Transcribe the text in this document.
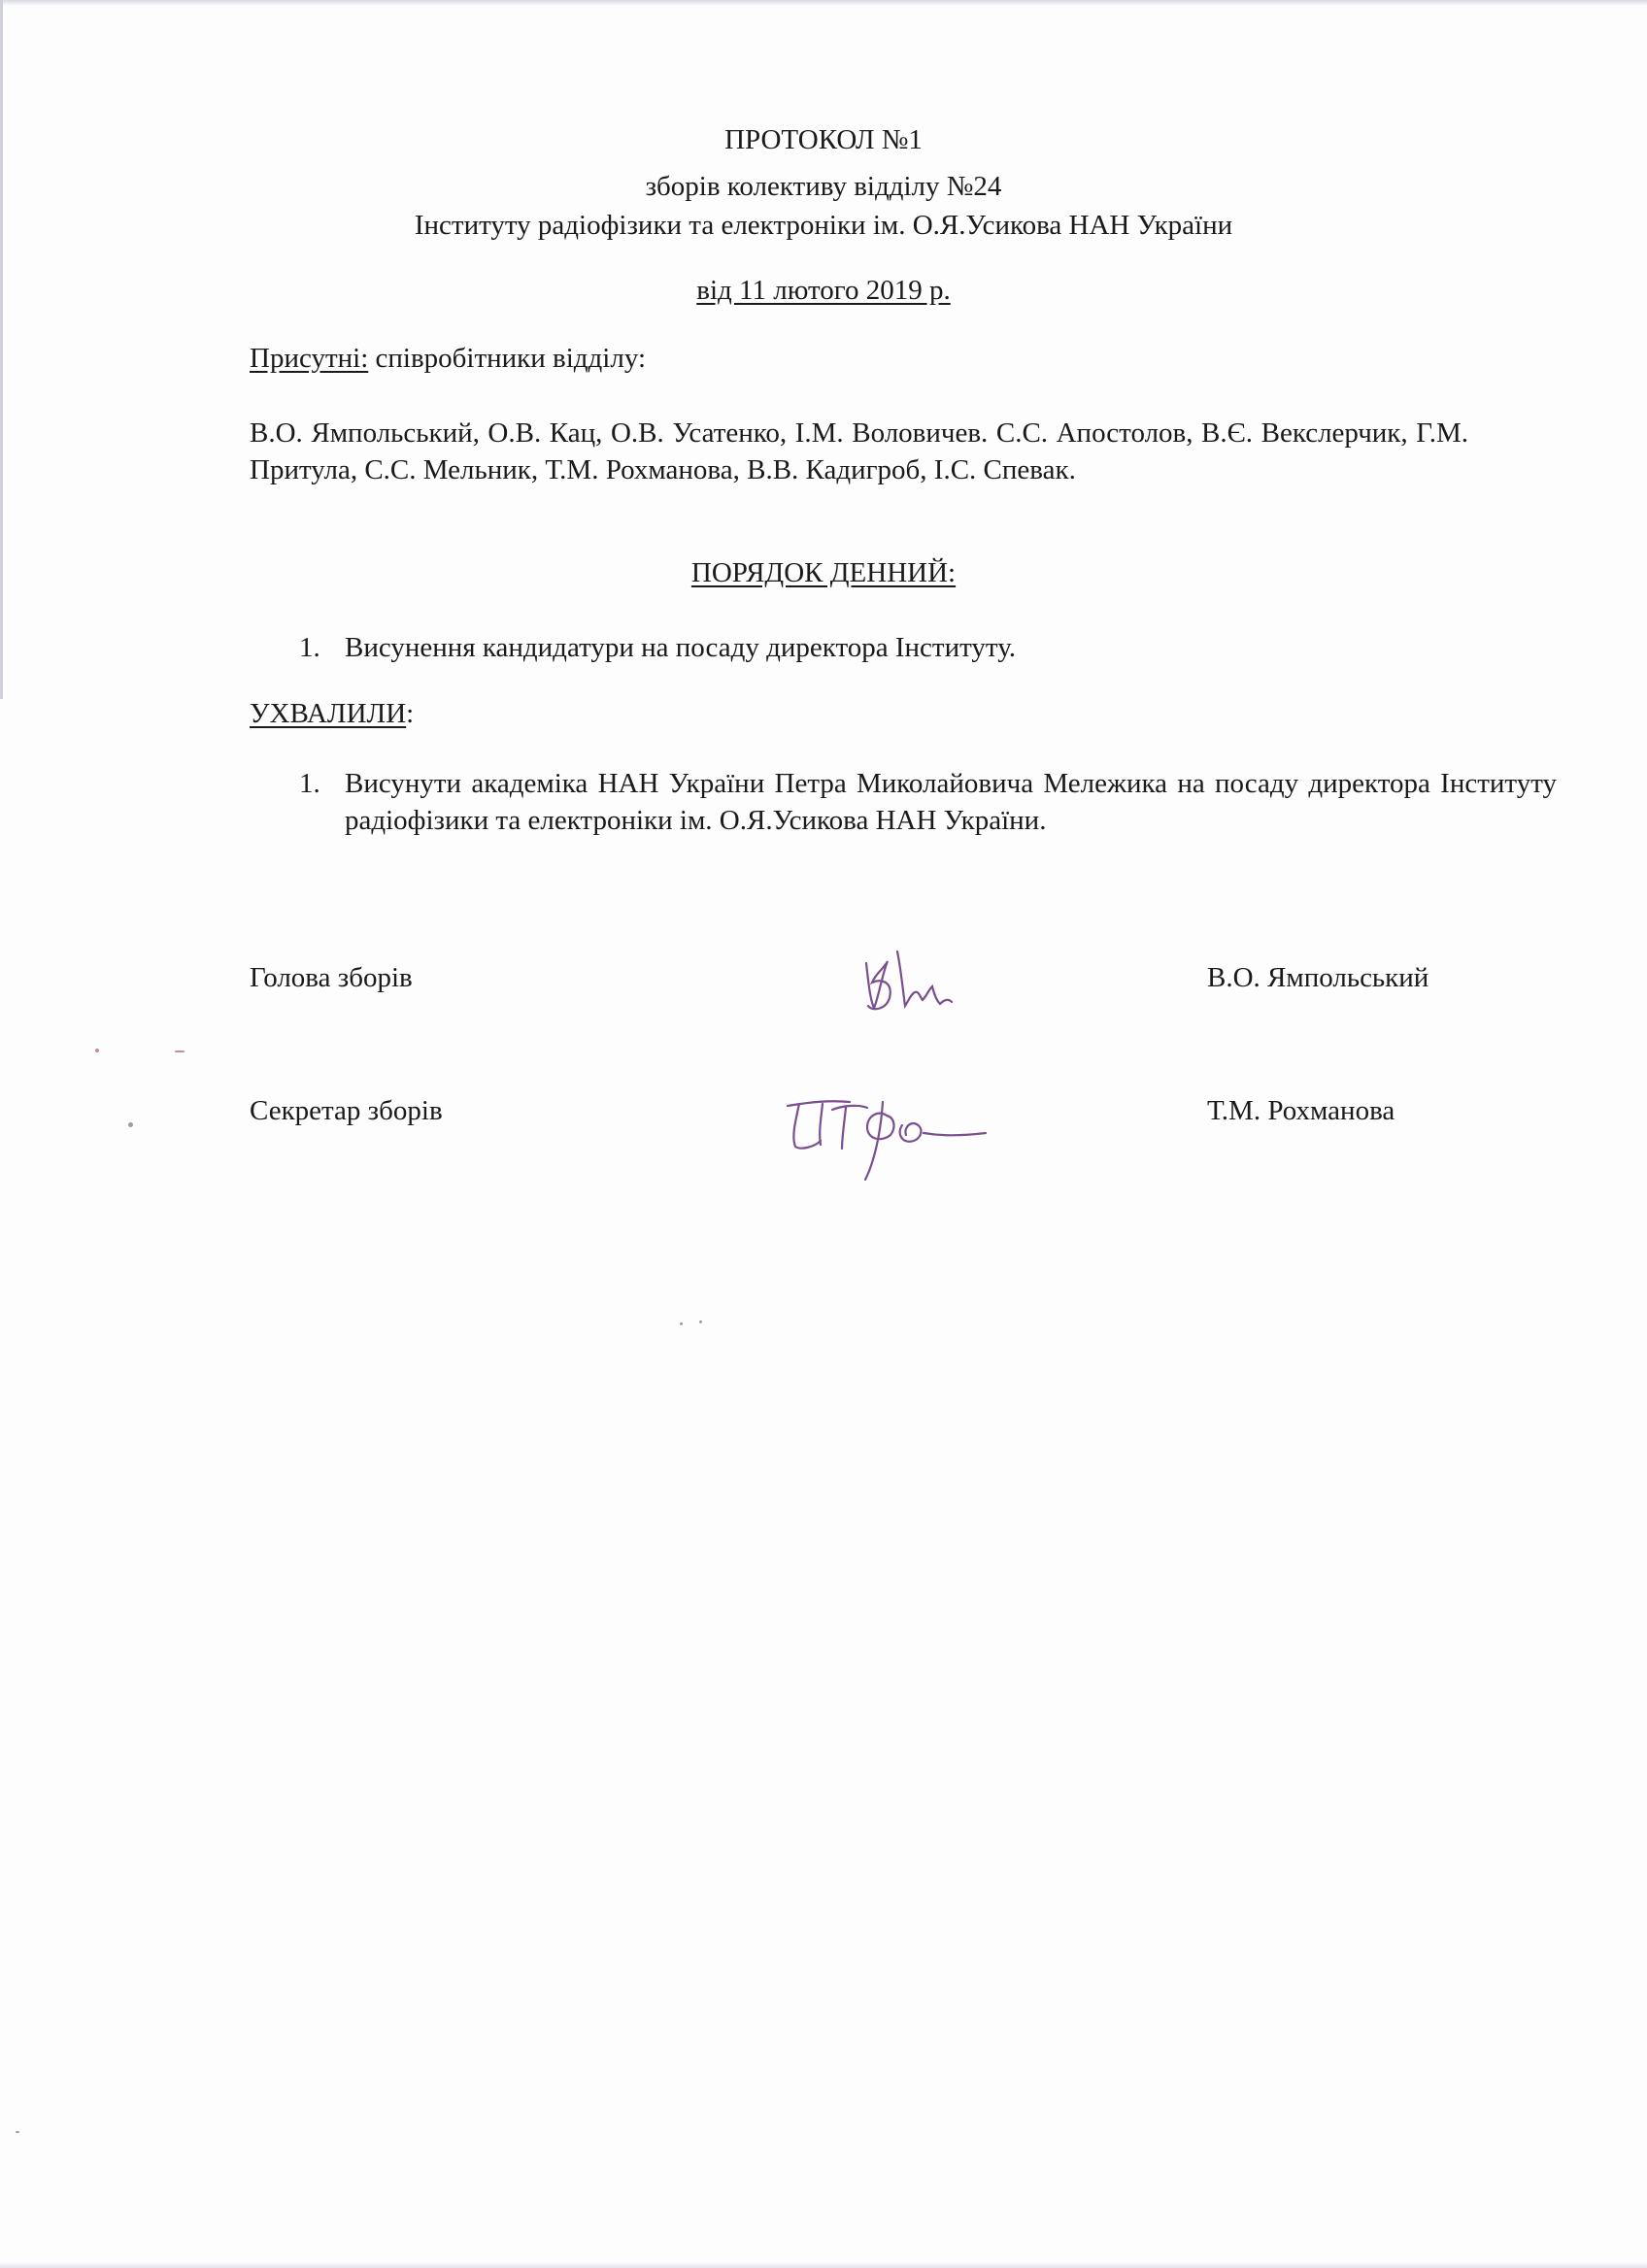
ПРОТОКОЛ №1
зборів колективу відділу №24
Інституту радіофізики та електроніки ім. О.Я.Усикова НАН України
від 11 лютого 2019 р.
Присутні: співробітники відділу:
В.О. Ямпольський, О.В. Кац, О.В. Усатенко, І.М. Воловичев. С.С. Апостолов, В.Є. Векслерчик, Г.М. Притула, С.С. Мельник, Т.М. Рохманова, В.В. Кадигроб, І.С. Спевак.
ПОРЯДОК ДЕННИЙ:
1. Висунення кандидатури на посаду директора Інституту.
УХВАЛИЛИ:
1. Висунути академіка НАН України Петра Миколайовича Мележика на посаду директора Інституту радіофізики та електроніки ім. О.Я.Усикова НАН України.
Голова зборів	В.О. Ямпольський
Секретар зборів	Т.М. Рохманова
